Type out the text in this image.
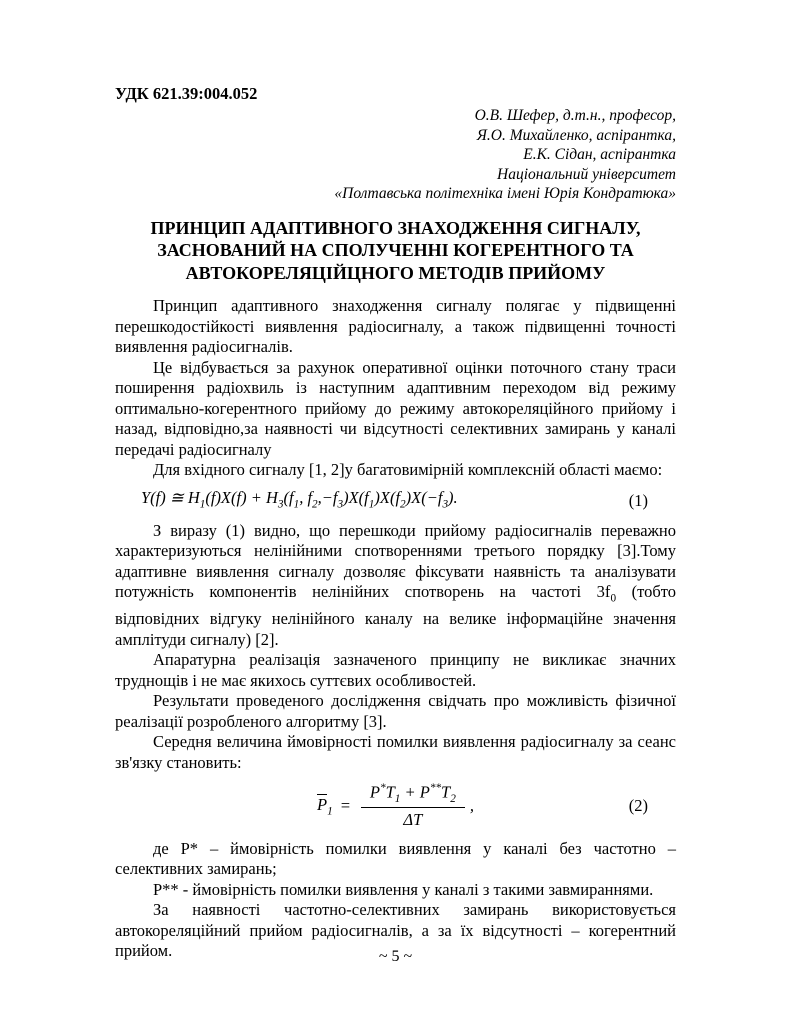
УДК 621.39:004.052
О.В. Шефер, д.т.н., професор,
Я.О. Михайленко, аспірантка,
Е.К. Сідан, аспірантка
Національний університет
«Полтавська політехніка імені Юрія Кондратюка»
ПРИНЦИП АДАПТИВНОГО ЗНАХОДЖЕННЯ СИГНАЛУ,
ЗАСНОВАНИЙ НА СПОЛУЧЕННІ КОГЕРЕНТНОГО ТА
АВТОКОРЕЛЯЦІЙЦНОГО МЕТОДІВ ПРИЙОМУ

Принцип адаптивного знаходження сигналу полягає у підвищенні перешкодостійкості виявлення радіосигналу, а також підвищенні точності виявлення радіосигналів.

Це відбувається за рахунок оперативної оцінки поточного стану траси поширення радіохвиль із наступним адаптивним переходом від режиму оптимально-когерентного прийому до режиму автокореляційного прийому і назад, відповідно,за наявності чи відсутності селективних замирань у каналі передачі радіосигналу

Для вхідного сигналу [1, 2]у багатовимірній комплексній області маємо:

Y(f) ≅ $H_1(f)X(f) + H_3(f_1$, $f_2,-f_3)X(f_1)X(f_2)X(-f_3)$.	(1)

З виразу (1) видно, що перешкоди прийому радіосигналів переважно характеризуються нелінійними спотвореннями третього порядку [3].Тому адаптивне виявлення сигналу дозволяє фіксувати наявність та аналізувати потужність компонентів нелінійних спотворень на частоті $3f_0$ (тобто відповідних відгуку нелінійного каналу на велике інформаційне значення амплітуди сигналу) [2].

Апаратурна реалізація зазначеного принципу не викликає значних труднощів і не має якихось суттєвих особливостей.

Результати проведеного дослідження свідчать про можливість фізичної реалізації розробленого алгоритму [3].

Середня величина ймовірності помилки виявлення радіосигналу за сеанс зв'язку становить:

$P_1 = \frac{P^*T_1 + P^{**}T_2}{\Delta T}$ ,	(2)

де P* – ймовірність помилки виявлення у каналі без частотно – селективних замирань;

P** - ймовірність помилки виявлення у каналі з такими завмираннями.

За наявності частотно-селективних замирань використовується автокореляційний прийом радіосигналів, а за їх відсутності – когерентний прийом.	~ 5 ~
